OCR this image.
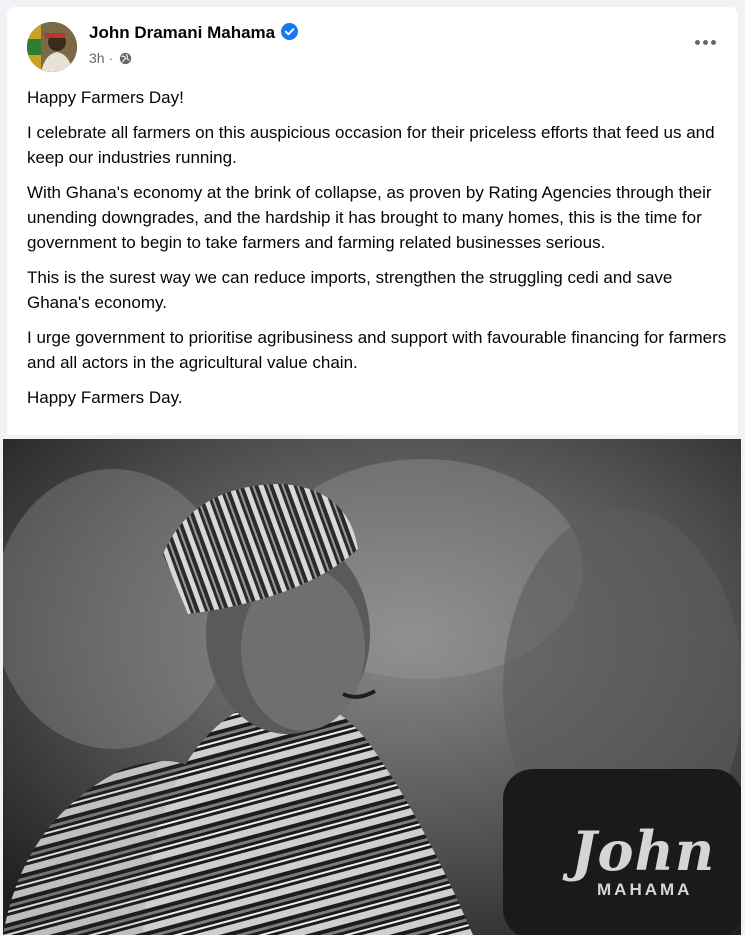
John Dramani Mahama
3h ·

Happy Farmers Day!

I celebrate all farmers on this auspicious occasion for their priceless efforts that feed us and keep our industries running.

With Ghana's economy at the brink of collapse, as proven by Rating Agencies through their unending downgrades, and the hardship it has brought to many homes, this is the time for government to begin to take farmers and farming related businesses serious.

This is the surest way we can reduce imports, strengthen the struggling cedi and save Ghana's economy.

I urge government to prioritise agribusiness and support with favourable financing for farmers and all actors in the agricultural value chain.

Happy Farmers Day.

John
MAHAMA
